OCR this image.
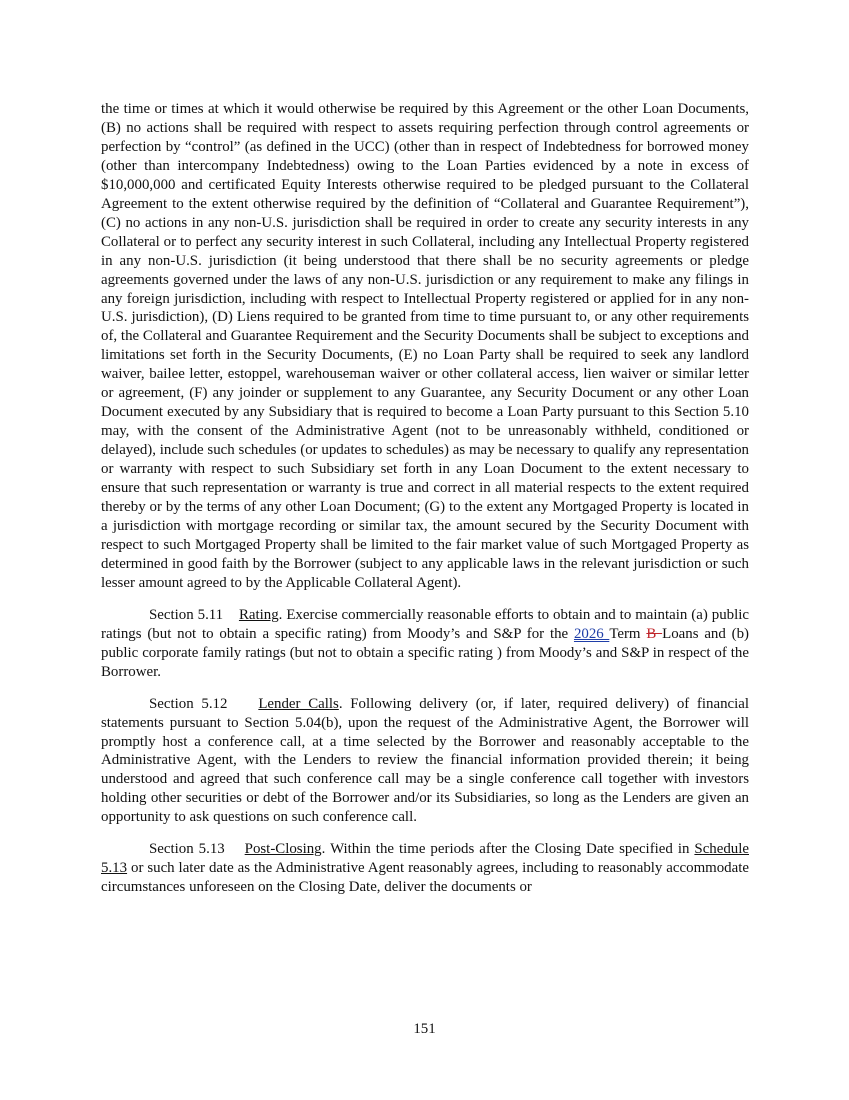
the time or times at which it would otherwise be required by this Agreement or the other Loan Documents, (B) no actions shall be required with respect to assets requiring perfection through control agreements or perfection by “control” (as defined in the UCC) (other than in respect of Indebtedness for borrowed money (other than intercompany Indebtedness) owing to the Loan Parties evidenced by a note in excess of $10,000,000 and certificated Equity Interests otherwise required to be pledged pursuant to the Collateral Agreement to the extent otherwise required by the definition of “Collateral and Guarantee Requirement”), (C) no actions in any non-U.S. jurisdiction shall be required in order to create any security interests in any Collateral or to perfect any security interest in such Collateral, including any Intellectual Property registered in any non-U.S. jurisdiction (it being understood that there shall be no security agreements or pledge agreements governed under the laws of any non-U.S. jurisdiction or any requirement to make any filings in any foreign jurisdiction, including with respect to Intellectual Property registered or applied for in any non-U.S. jurisdiction), (D) Liens required to be granted from time to time pursuant to, or any other requirements of, the Collateral and Guarantee Requirement and the Security Documents shall be subject to exceptions and limitations set forth in the Security Documents, (E) no Loan Party shall be required to seek any landlord waiver, bailee letter, estoppel, warehouseman waiver or other collateral access, lien waiver or similar letter or agreement, (F) any joinder or supplement to any Guarantee, any Security Document or any other Loan Document executed by any Subsidiary that is required to become a Loan Party pursuant to this Section 5.10 may, with the consent of the Administrative Agent (not to be unreasonably withheld, conditioned or delayed), include such schedules (or updates to schedules) as may be necessary to qualify any representation or warranty with respect to such Subsidiary set forth in any Loan Document to the extent necessary to ensure that such representation or warranty is true and correct in all material respects to the extent required thereby or by the terms of any other Loan Document; (G) to the extent any Mortgaged Property is located in a jurisdiction with mortgage recording or similar tax, the amount secured by the Security Document with respect to such Mortgaged Property shall be limited to the fair market value of such Mortgaged Property as determined in good faith by the Borrower (subject to any applicable laws in the relevant jurisdiction or such lesser amount agreed to by the Applicable Collateral Agent).

Section 5.11 Rating. Exercise commercially reasonable efforts to obtain and to maintain (a) public ratings (but not to obtain a specific rating) from Moody’s and S&P for the 2026 Term B Loans and (b) public corporate family ratings (but not to obtain a specific rating ) from Moody’s and S&P in respect of the Borrower.

Section 5.12 Lender Calls. Following delivery (or, if later, required delivery) of financial statements pursuant to Section 5.04(b), upon the request of the Administrative Agent, the Borrower will promptly host a conference call, at a time selected by the Borrower and reasonably acceptable to the Administrative Agent, with the Lenders to review the financial information provided therein; it being understood and agreed that such conference call may be a single conference call together with investors holding other securities or debt of the Borrower and/or its Subsidiaries, so long as the Lenders are given an opportunity to ask questions on such conference call.

Section 5.13 Post-Closing. Within the time periods after the Closing Date specified in Schedule 5.13 or such later date as the Administrative Agent reasonably agrees, including to reasonably accommodate circumstances unforeseen on the Closing Date, deliver the documents or

151
